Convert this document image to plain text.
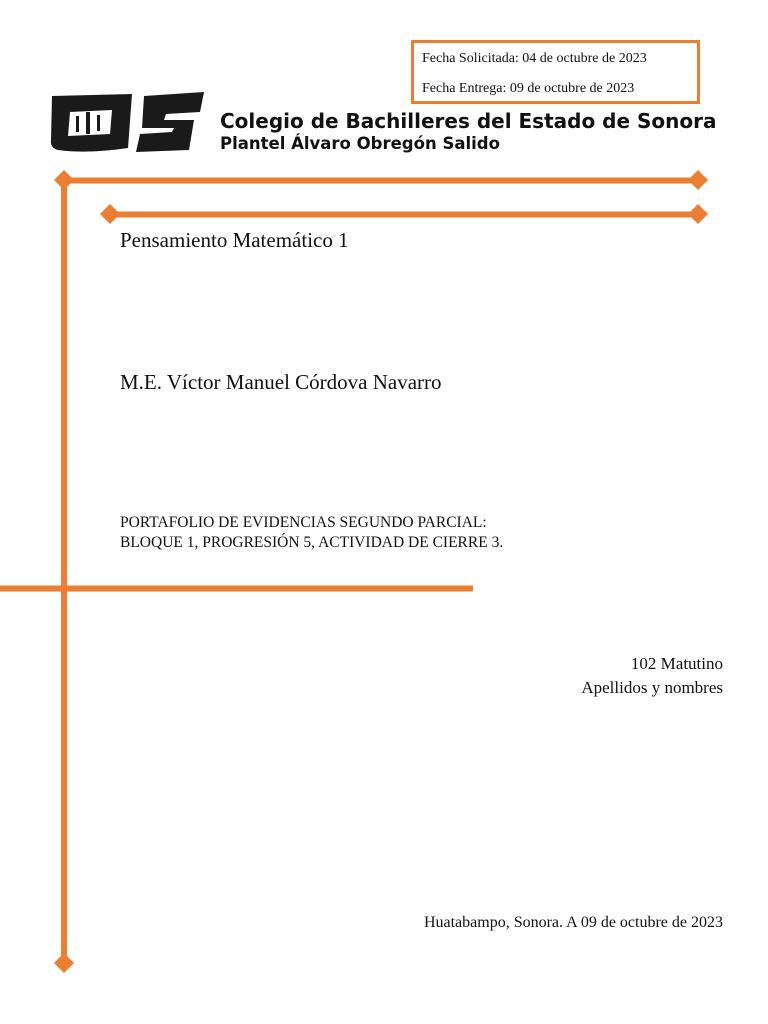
Fecha Solicitada: 04 de octubre de 2023
Fecha Entrega: 09 de octubre de 2023
Colegio de Bachilleres del Estado de Sonora
Plantel Álvaro Obregón Salido
Pensamiento Matemático 1
M.E. Víctor Manuel Córdova Navarro
PORTAFOLIO DE EVIDENCIAS SEGUNDO PARCIAL:
BLOQUE 1, PROGRESIÓN 5, ACTIVIDAD DE CIERRE 3.
102 Matutino
Apellidos y nombres
Huatabampo, Sonora. A 09 de octubre de 2023
